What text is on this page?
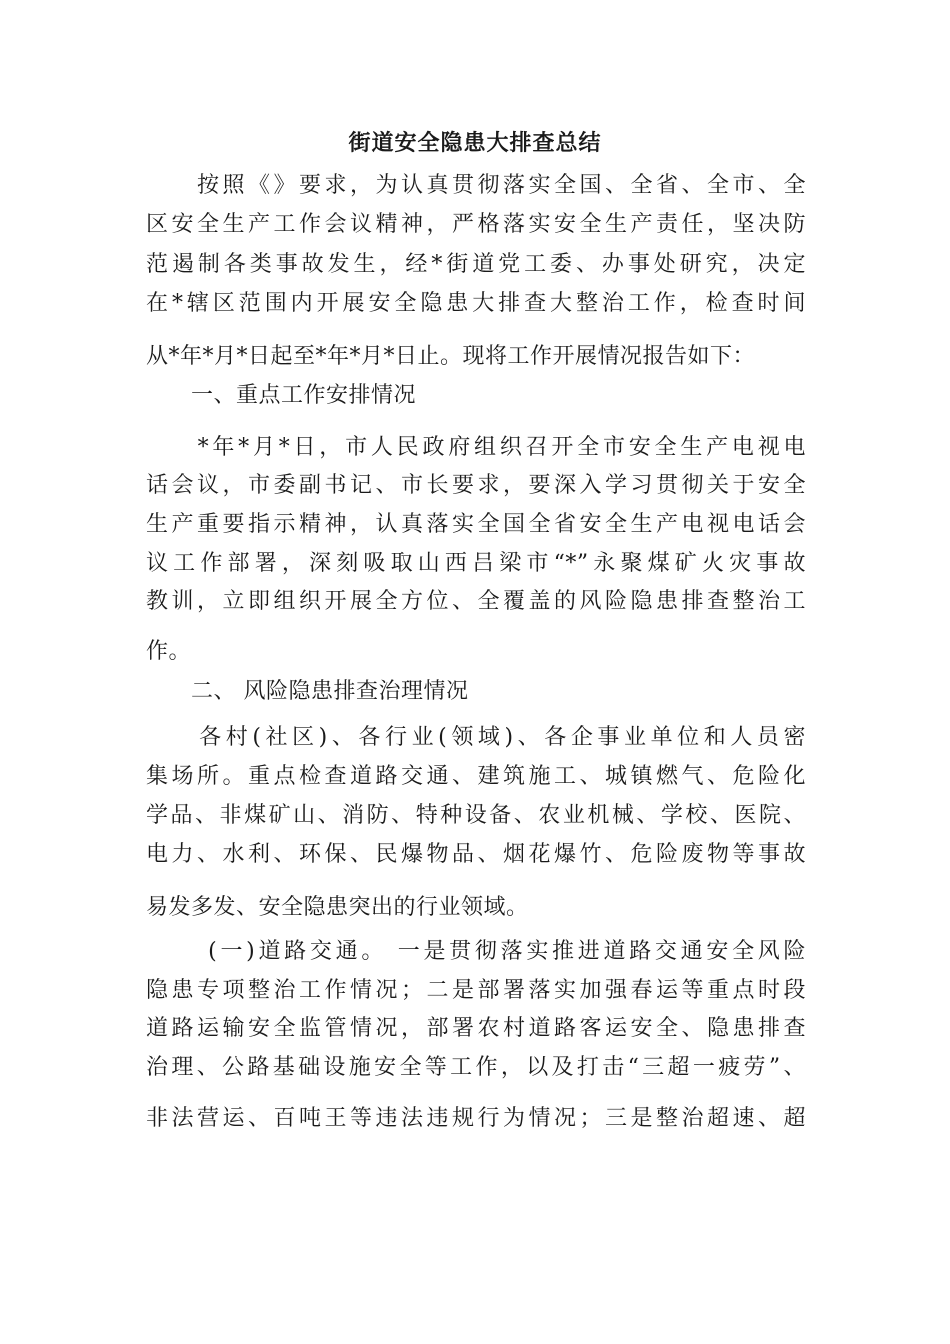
街道安全隐患大排查总结
　　按照《》要求，为认真贯彻落实全国、全省、全市、全
区安全生产工作会议精神，严格落实安全生产责任，坚决防
范遏制各类事故发生，经*街道党工委、办事处研究，决定
在*辖区范围内开展安全隐患大排查大整治工作，检查时间
从*年*月*日起至*年*月*日止。现将工作开展情况报告如下：
　　一、重点工作安排情况
　　*年*月*日，市人民政府组织召开全市安全生产电视电
话会议，市委副书记、市长要求，要深入学习贯彻关于安全
生产重要指示精神，认真落实全国全省安全生产电视电话会
议工作部署，深刻吸取山西吕梁市“*”永聚煤矿火灾事故
教训，立即组织开展全方位、全覆盖的风险隐患排查整治工
作。
　　二、 风险隐患排查治理情况
　　各村(社区)、各行业(领域)、各企事业单位和人员密
集场所。重点检查道路交通、建筑施工、城镇燃气、危险化
学品、非煤矿山、消防、特种设备、农业机械、学校、医院、
电力、水利、环保、民爆物品、烟花爆竹、危险废物等事故
易发多发、安全隐患突出的行业领域。
　　 (一)道路交通。 一是贯彻落实推进道路交通安全风险
隐患专项整治工作情况；二是部署落实加强春运等重点时段
道路运输安全监管情况，部署农村道路客运安全、隐患排查
治理、公路基础设施安全等工作，以及打击“三超一疲劳”、
非法营运、百吨王等违法违规行为情况；三是整治超速、超
